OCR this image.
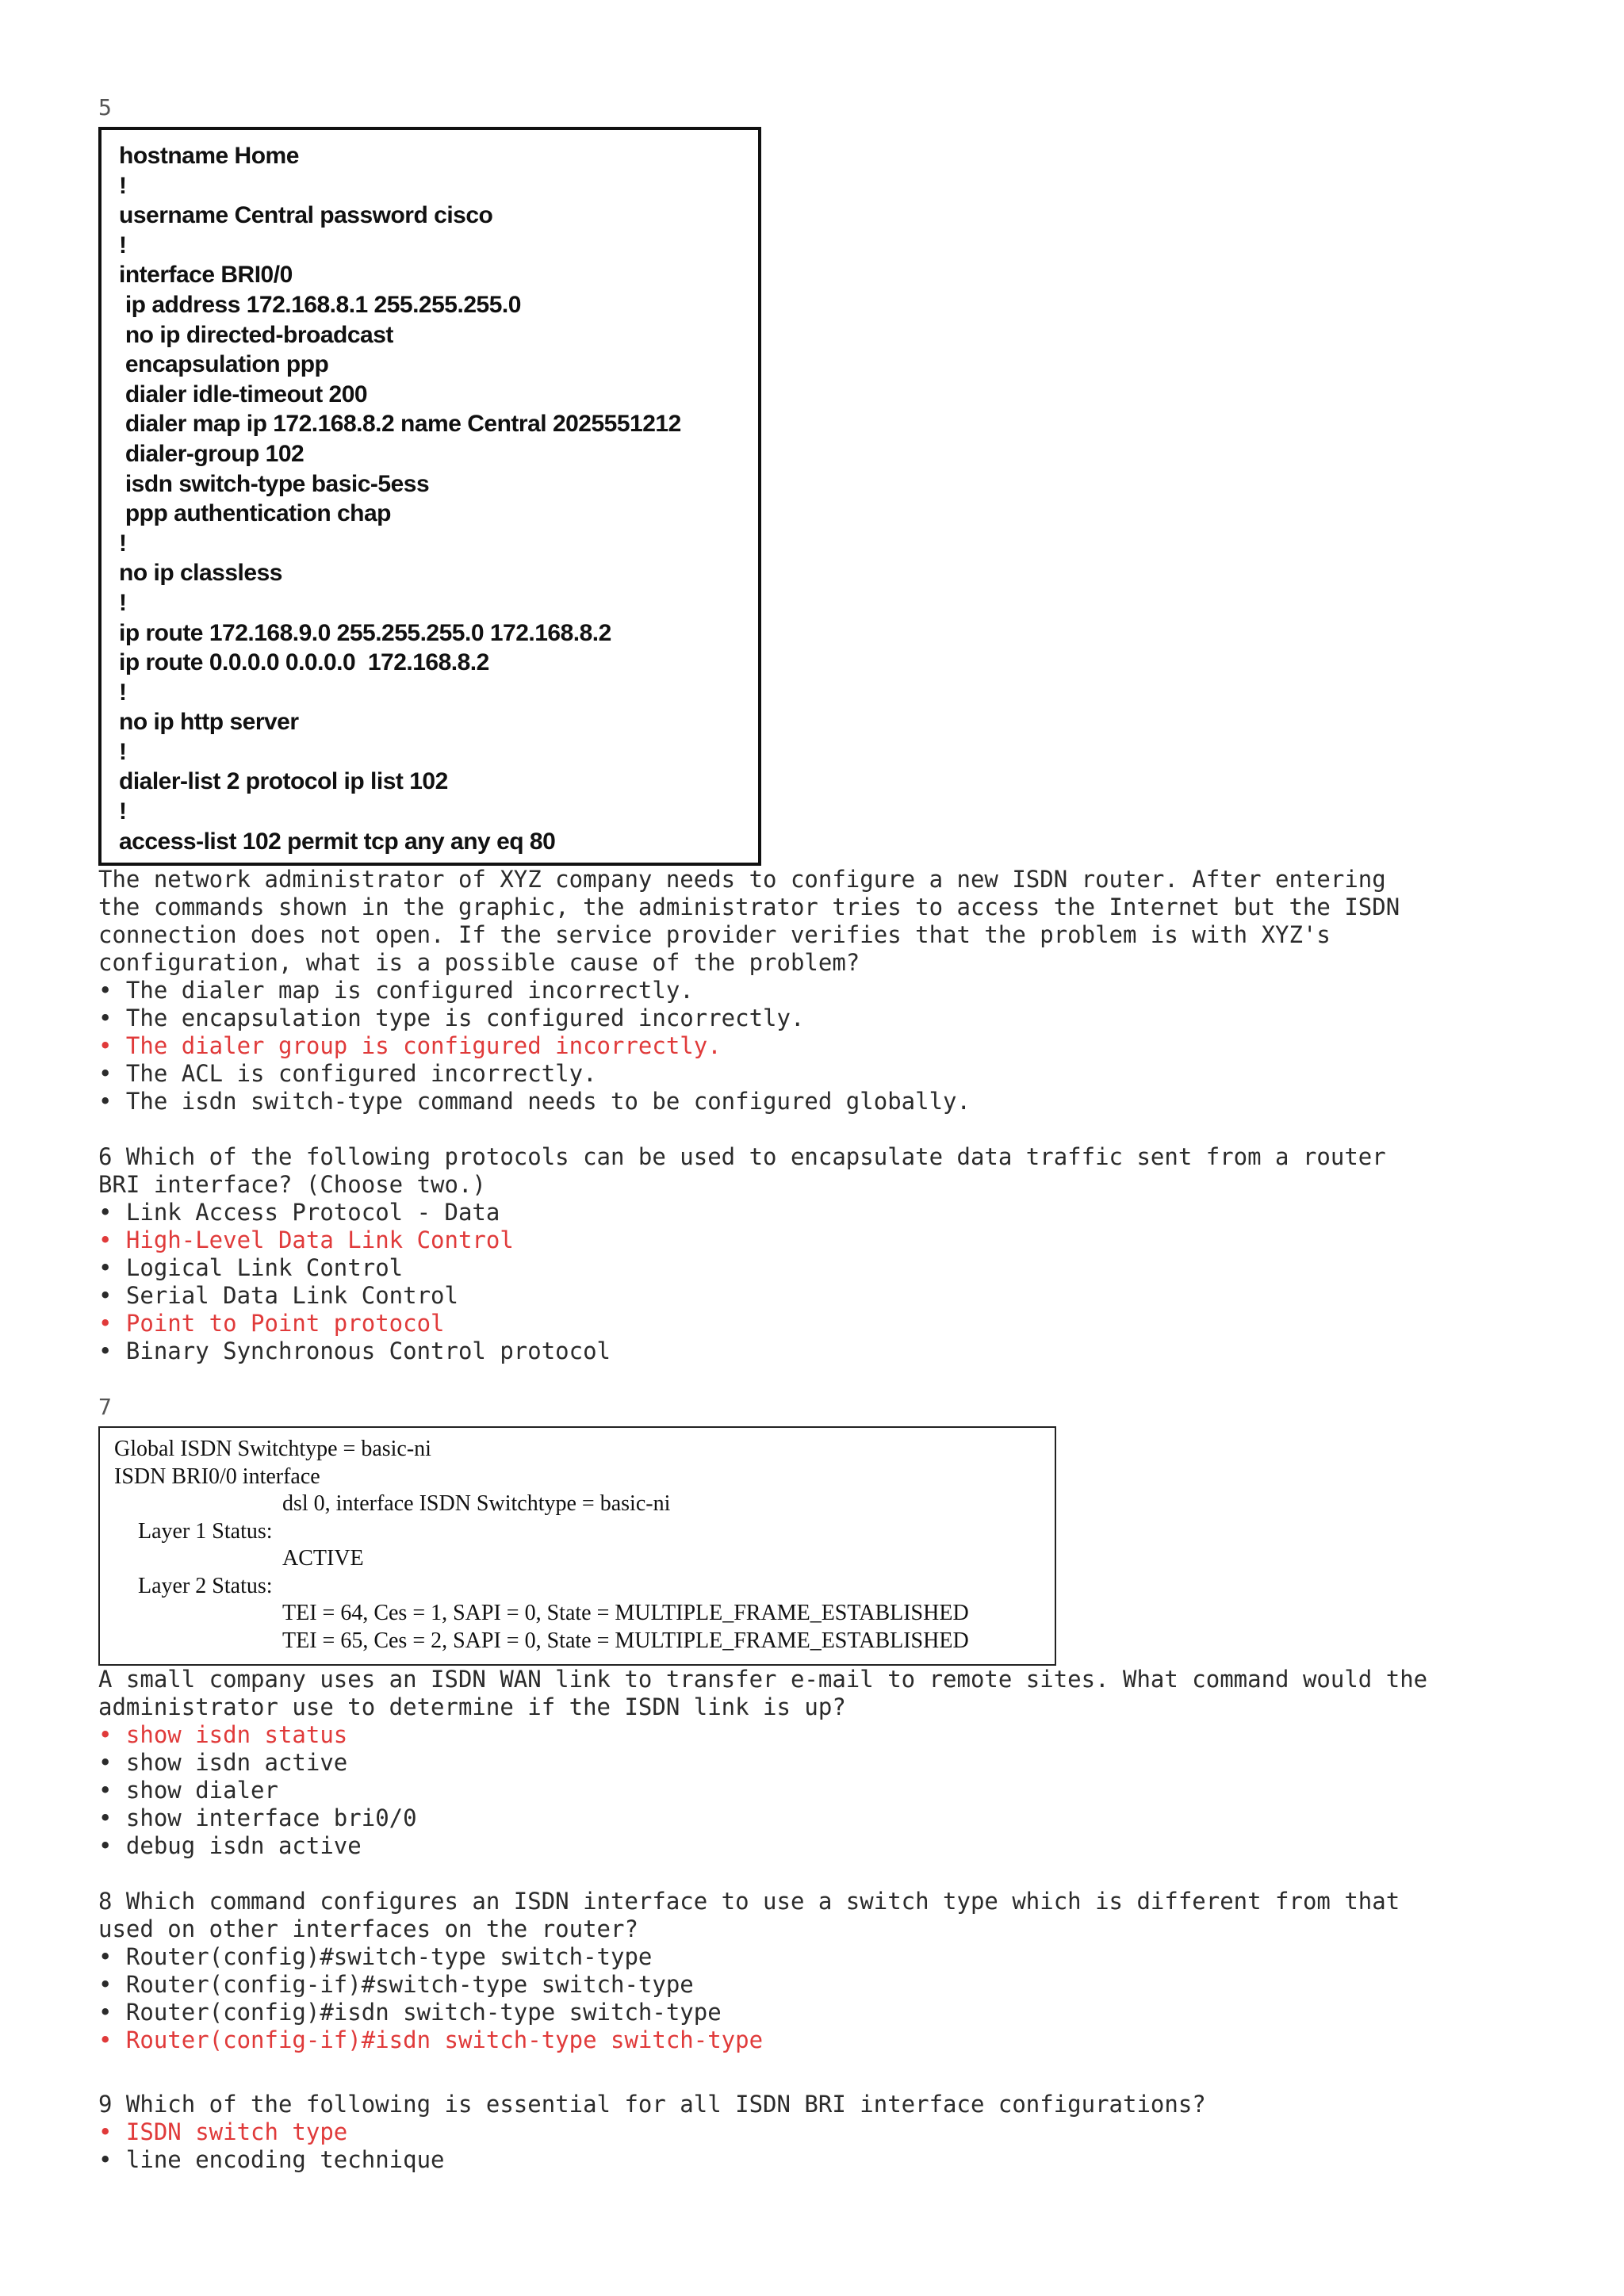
5
hostname Home
!
username Central password cisco
!
interface BRI0/0
ip address 172.168.8.1 255.255.255.0
no ip directed-broadcast
encapsulation ppp
dialer idle-timeout 200
dialer map ip 172.168.8.2 name Central 2025551212
dialer-group 102
isdn switch-type basic-5ess
ppp authentication chap
!
no ip classless
!
ip route 172.168.9.0 255.255.255.0 172.168.8.2
ip route 0.0.0.0 0.0.0.0  172.168.8.2
!
no ip http server
!
dialer-list 2 protocol ip list 102
!
access-list 102 permit tcp any any eq 80
The network administrator of XYZ company needs to configure a new ISDN router. After entering
the commands shown in the graphic, the administrator tries to access the Internet but the ISDN
connection does not open. If the service provider verifies that the problem is with XYZ's
configuration, what is a possible cause of the problem?
• The dialer map is configured incorrectly.
• The encapsulation type is configured incorrectly.
• The dialer group is configured incorrectly.
• The ACL is configured incorrectly.
• The isdn switch-type command needs to be configured globally.
6 Which of the following protocols can be used to encapsulate data traffic sent from a router
BRI interface? (Choose two.)
• Link Access Protocol - Data
• High-Level Data Link Control
• Logical Link Control
• Serial Data Link Control
• Point to Point protocol
• Binary Synchronous Control protocol
7
Global ISDN Switchtype = basic-ni
ISDN BRI0/0 interface
dsl 0, interface ISDN Switchtype = basic-ni
Layer 1 Status:
ACTIVE
Layer 2 Status:
TEI = 64, Ces = 1, SAPI = 0, State = MULTIPLE_FRAME_ESTABLISHED
TEI = 65, Ces = 2, SAPI = 0, State = MULTIPLE_FRAME_ESTABLISHED
A small company uses an ISDN WAN link to transfer e-mail to remote sites. What command would the
administrator use to determine if the ISDN link is up?
• show isdn status
• show isdn active
• show dialer
• show interface bri0/0
• debug isdn active
8 Which command configures an ISDN interface to use a switch type which is different from that
used on other interfaces on the router?
• Router(config)#switch-type switch-type
• Router(config-if)#switch-type switch-type
• Router(config)#isdn switch-type switch-type
• Router(config-if)#isdn switch-type switch-type
9 Which of the following is essential for all ISDN BRI interface configurations?
• ISDN switch type
• line encoding technique
